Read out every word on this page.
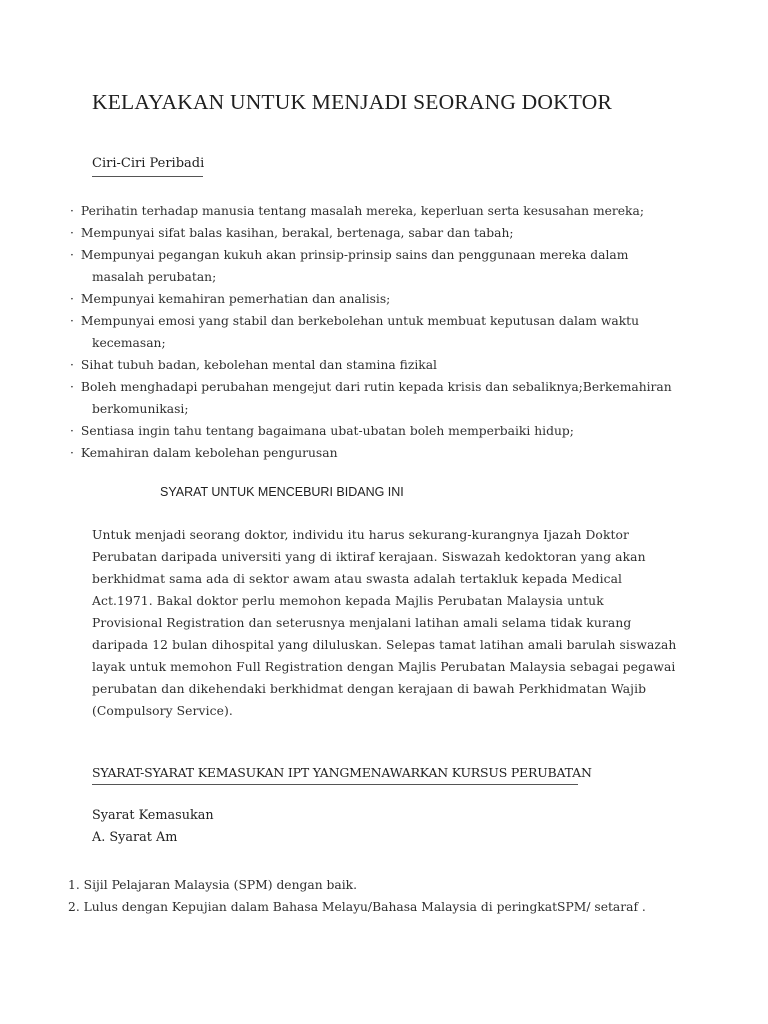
KELAYAKAN UNTUK MENJADI SEORANG DOKTOR
Ciri-Ciri Peribadi
· Perihatin terhadap manusia tentang masalah mereka, keperluan serta kesusahan mereka;
· Mempunyai sifat balas kasihan, berakal, bertenaga, sabar dan tabah;
· Mempunyai pegangan kukuh akan prinsip-prinsip sains dan penggunaan mereka dalam
masalah perubatan;
· Mempunyai kemahiran pemerhatian dan analisis;
· Mempunyai emosi yang stabil dan berkebolehan untuk membuat keputusan dalam waktu
kecemasan;
· Sihat tubuh badan, kebolehan mental dan stamina fizikal
· Boleh menghadapi perubahan mengejut dari rutin kepada krisis dan sebaliknya;Berkemahiran
berkomunikasi;
· Sentiasa ingin tahu tentang bagaimana ubat-ubatan boleh memperbaiki hidup;
· Kemahiran dalam kebolehan pengurusan
SYARAT UNTUK MENCEBURI BIDANG INI

Untuk menjadi seorang doktor, individu itu harus sekurang-kurangnya Ijazah Doktor
Perubatan daripada universiti yang di iktiraf kerajaan. Siswazah kedoktoran yang akan
berkhidmat sama ada di sektor awam atau swasta adalah tertakluk kepada Medical
Act.1971. Bakal doktor perlu memohon kepada Majlis Perubatan Malaysia untuk
Provisional Registration dan seterusnya menjalani latihan amali selama tidak kurang
daripada 12 bulan dihospital yang diluluskan. Selepas tamat latihan amali barulah siswazah
layak untuk memohon Full Registration dengan Majlis Perubatan Malaysia sebagai pegawai
perubatan dan dikehendaki berkhidmat dengan kerajaan di bawah Perkhidmatan Wajib
(Compulsory Service).

SYARAT-SYARAT KEMASUKAN IPT YANGMENAWARKAN KURSUS PERUBATAN
Syarat Kemasukan
A. Syarat Am
1. Sijil Pelajaran Malaysia (SPM) dengan baik.
2. Lulus dengan Kepujian dalam Bahasa Melayu/Bahasa Malaysia di peringkatSPM/ setaraf .
